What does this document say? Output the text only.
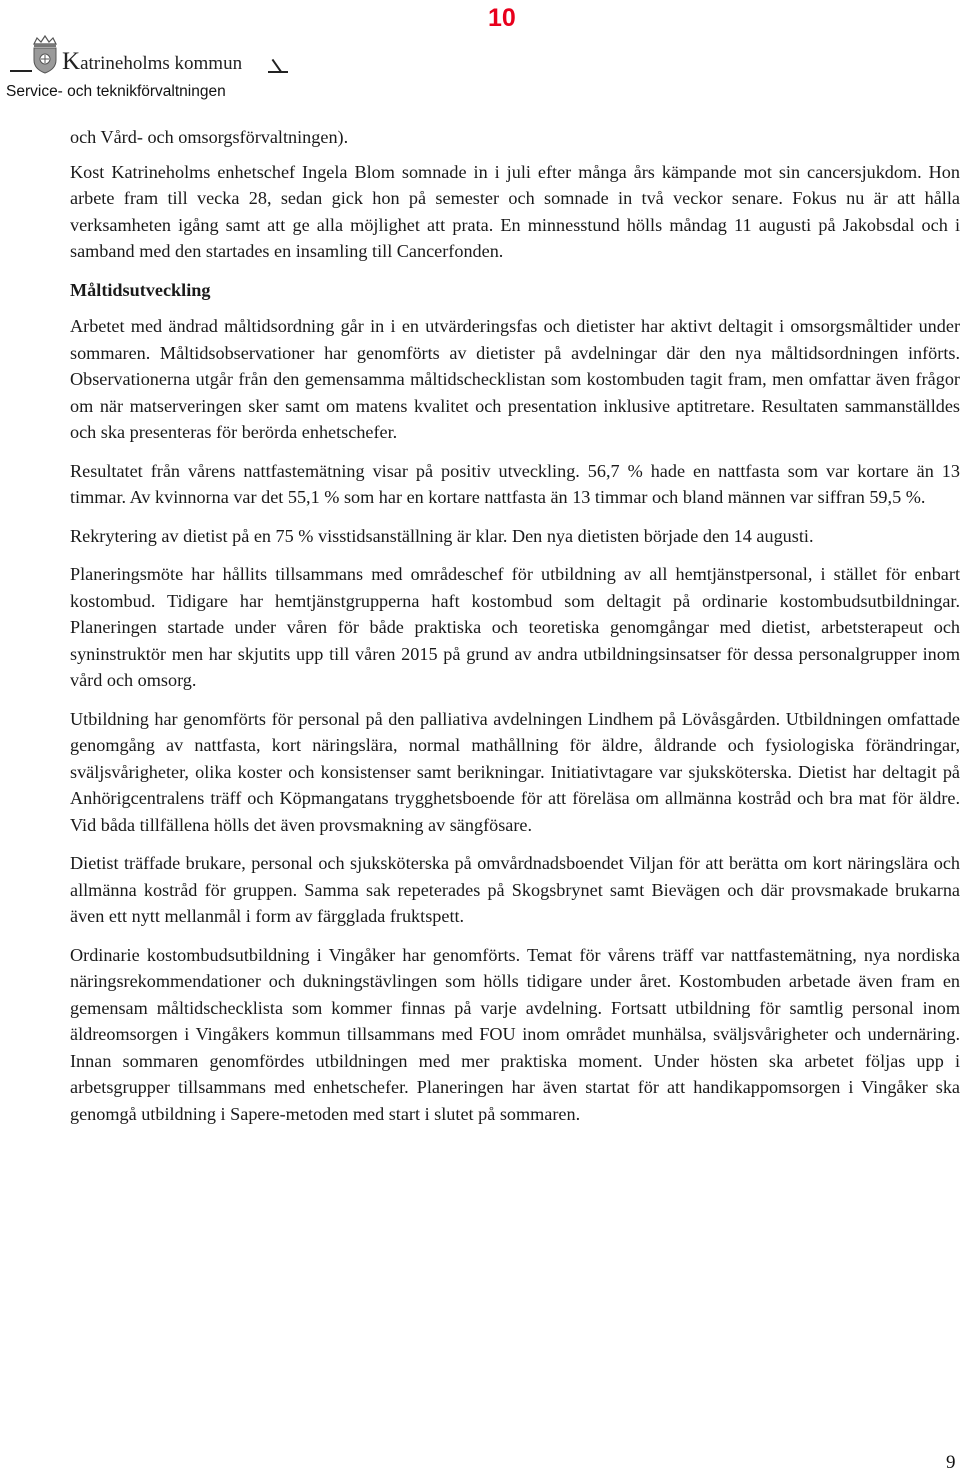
Katrineholms kommun
Service- och teknikförvaltningen
10

och Vård- och omsorgsförvaltningen).

Kost Katrineholms enhetschef Ingela Blom somnade in i juli efter många års kämpande mot sin cancersjukdom. Hon arbete fram till vecka 28, sedan gick hon på semester och somnade in två veckor senare. Fokus nu är att hålla verksamheten igång samt att ge alla möjlighet att prata. En minnesstund hölls måndag 11 augusti på Jakobsdal och i samband med den startades en insamling till Cancerfonden.

Måltidsutveckling

Arbetet med ändrad måltidsordning går in i en utvärderingsfas och dietister har aktivt deltagit i omsorgsmåltider under sommaren. Måltidsobservationer har genomförts av dietister på avdelningar där den nya måltidsordningen införts. Observationerna utgår från den gemensamma måltidschecklistan som kostombuden tagit fram, men omfattar även frågor om när matserveringen sker samt om matens kvalitet och presentation inklusive aptitretare. Resultaten sammanställdes och ska presenteras för berörda enhetschefer.

Resultatet från vårens nattfastemätning visar på positiv utveckling. 56,7 % hade en nattfasta som var kortare än 13 timmar. Av kvinnorna var det 55,1 % som har en kortare nattfasta än 13 timmar och bland männen var siffran 59,5 %.

Rekrytering av dietist på en 75 % visstidsanställning är klar. Den nya dietisten började den 14 augusti.

Planeringsmöte har hållits tillsammans med områdeschef för utbildning av all hemtjänstpersonal, i stället för enbart kostombud. Tidigare har hemtjänstgrupperna haft kostombud som deltagit på ordinarie kostombudsutbildningar. Planeringen startade under våren för både praktiska och teoretiska genomgångar med dietist, arbetsterapeut och syninstruktör men har skjutits upp till våren 2015 på grund av andra utbildningsinsatser för dessa personalgrupper inom vård och omsorg.

Utbildning har genomförts för personal på den palliativa avdelningen Lindhem på Lövåsgården. Utbildningen omfattade genomgång av nattfasta, kort näringslära, normal mathållning för äldre, åldrande och fysiologiska förändringar, sväljsvårigheter, olika koster och konsistenser samt berikningar. Initiativtagare var sjuksköterska. Dietist har deltagit på Anhörigcentralens träff och Köpmangatans trygghetsboende för att föreläsa om allmänna kostråd och bra mat för äldre. Vid båda tillfällena hölls det även provsmakning av sängfösare.

Dietist träffade brukare, personal och sjuksköterska på omvårdnadsboendet Viljan för att berätta om kort näringslära och allmänna kostråd för gruppen. Samma sak repeterades på Skogsbrynet samt Bievägen och där provsmakade brukarna även ett nytt mellanmål i form av färgglada fruktspett.

Ordinarie kostombudsutbildning i Vingåker har genomförts. Temat för vårens träff var nattfastemätning, nya nordiska näringsrekommendationer och dukningstävlingen som hölls tidigare under året. Kostombuden arbetade även fram en gemensam måltidschecklista som kommer finnas på varje avdelning. Fortsatt utbildning för samtlig personal inom äldreomsorgen i Vingåkers kommun tillsammans med FOU inom området munhälsa, sväljsvårigheter och undernäring. Innan sommaren genomfördes utbildningen med mer praktiska moment. Under hösten ska arbetet följas upp i arbetsgrupper tillsammans med enhetschefer. Planeringen har även startat för att handikappomsorgen i Vingåker ska genomgå utbildning i Sapere-metoden med start i slutet på sommaren.

9
